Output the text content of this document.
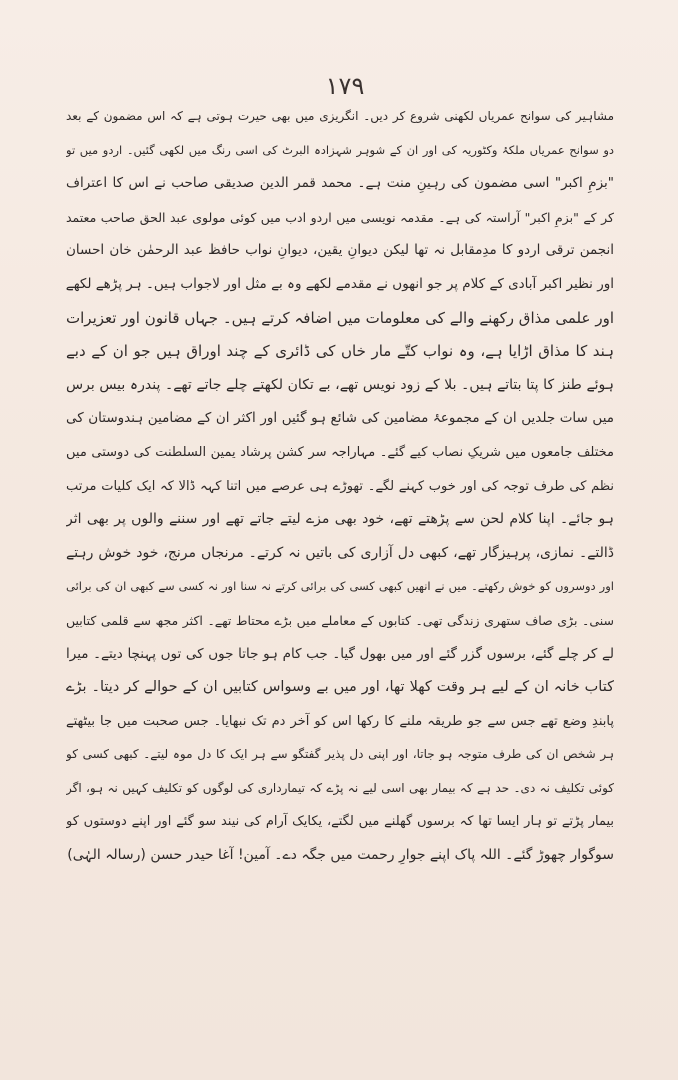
۱۷۹
مشاہیر کی سوانح عمریاں لکھنی شروع کر دیں۔ انگریزی میں بھی حیرت ہوتی ہے کہ اس مضمون کے بعد
دو سوانح عمریاں ملکۂ وکٹوریہ کی اور ان کے شوہر شہزادہ البرٹ کی اسی رنگ میں لکھی گئیں۔ اردو میں تو
"بزمِ اکبر" اسی مضمون کی رہینِ منت ہے۔ محمد قمر الدین صدیقی صاحب نے اس کا اعتراف
کر کے "بزمِ اکبر" آراستہ کی ہے۔ مقدمہ نویسی میں اردو ادب میں کوئی مولوی عبد الحق صاحب معتمد
انجمن ترقی اردو کا مدِمقابل نہ تھا لیکن دیوانِ یقین، دیوانِ نواب حافظ عبد الرحمٰن خان احسان
اور نظیر اکبر آبادی کے کلام پر جو انھوں نے مقدمے لکھے وہ بے مثل اور لاجواب ہیں۔ ہر پڑھے لکھے
اور علمی مذاق رکھنے والے کی معلومات میں اضافہ کرتے ہیں۔ جہاں قانون اور تعزیرات
ہند کا مذاق اڑایا ہے، وہ نواب کتّے مار خاں کی ڈائری کے چند اوراق ہیں جو ان کے دبے
ہوئے طنز کا پتا بتاتے ہیں۔ بلا کے زود نویس تھے، بے تکان لکھتے چلے جاتے تھے۔ پندرہ بیس برس
میں سات جلدیں ان کے مجموعۂ مضامین کی شائع ہو گئیں اور اکثر ان کے مضامین ہندوستان کی
مختلف جامعوں میں شریکِ نصاب کیے گئے۔ مہاراجہ سر کشن پرشاد یمین السلطنت کی دوستی میں
نظم کی طرف توجہ کی اور خوب کہنے لگے۔ تھوڑے ہی عرصے میں اتنا کہہ ڈالا کہ ایک کلیات مرتب
ہو جائے۔ اپنا کلام لحن سے پڑھتے تھے، خود بھی مزے لیتے جاتے تھے اور سننے والوں پر بھی اثر
ڈالتے۔ نمازی، پرہیزگار تھے، کبھی دل آزاری کی باتیں نہ کرتے۔ مرنجاں مرنج، خود خوش رہتے
اور دوسروں کو خوش رکھتے۔ میں نے انھیں کبھی کسی کی برائی کرتے نہ سنا اور نہ کسی سے کبھی ان کی برائی
سنی۔ بڑی صاف ستھری زندگی تھی۔ کتابوں کے معاملے میں بڑے محتاط تھے۔ اکثر مجھ سے قلمی کتابیں
لے کر چلے گئے، برسوں گزر گئے اور میں بھول گیا۔ جب کام ہو جاتا جوں کی توں پہنچا دیتے۔ میرا
کتاب خانہ ان کے لیے ہر وقت کھلا تھا، اور میں بے وسواس کتابیں ان کے حوالے کر دیتا۔ بڑے
پابندِ وضع تھے جس سے جو طریقہ ملنے کا رکھا اس کو آخر دم تک نبھایا۔ جس صحبت میں جا بیٹھتے
ہر شخص ان کی طرف متوجہ ہو جاتا، اور اپنی دل پذیر گفتگو سے ہر ایک کا دل موہ لیتے۔ کبھی کسی کو
کوئی تکلیف نہ دی۔ حد ہے کہ بیمار بھی اسی لیے نہ پڑے کہ تیمارداری کی لوگوں کو تکلیف کہیں نہ ہو، اگر
بیمار پڑتے تو ہار ایسا تھا کہ برسوں گھلنے میں لگتے، یکایک آرام کی نیند سو گئے اور اپنے دوستوں کو
سوگوار چھوڑ گئے۔ اللہ پاک اپنے جوارِ رحمت میں جگہ دے۔ آمین! آغا حیدر حسن (رسالہ الہٰی)
